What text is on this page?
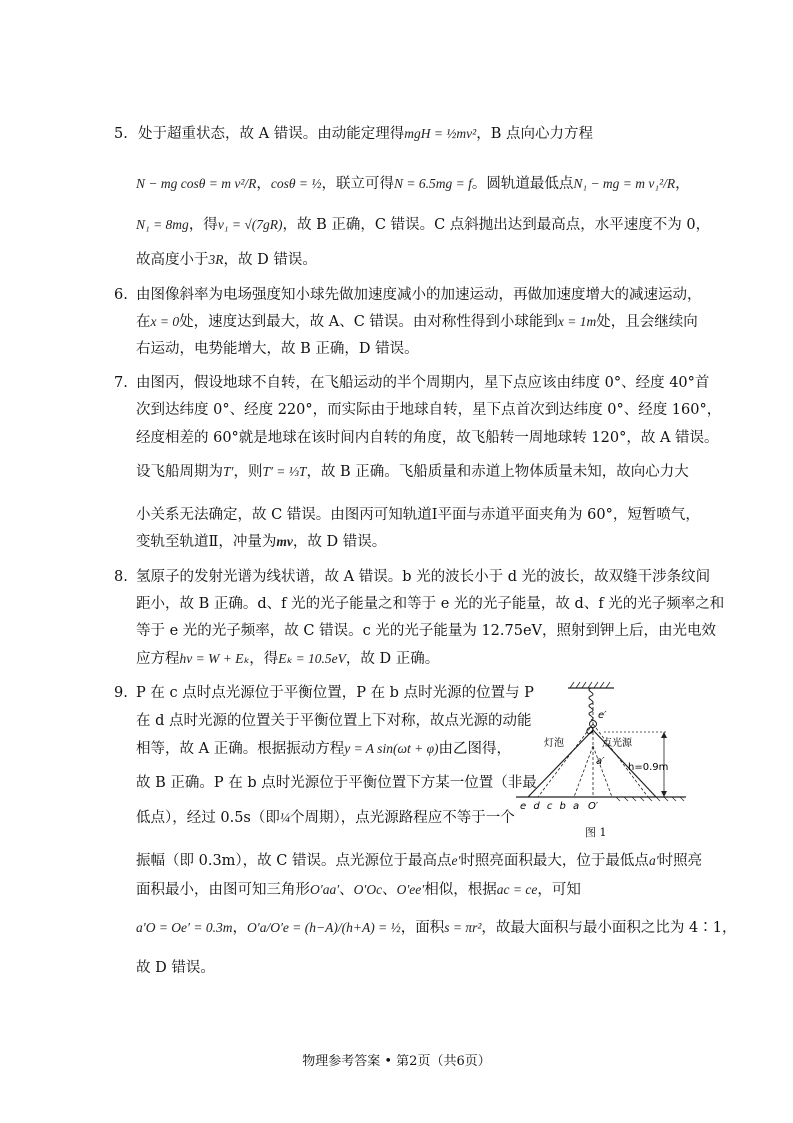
5. 处于超重状态，故 A 错误。由动能定理得mgH = ½mv²，B 点向心力方程
N − mg cosθ = m v²/R，cosθ = ½，联立可得N = 6.5mg = f。圆轨道最低点N₁ − mg = m v₁²/R，
N₁ = 8mg，得v₁ = √(7gR)，故 B 正确，C 错误。C 点斜抛出达到最高点，水平速度不为 0，
故高度小于3R，故 D 错误。
6. 由图像斜率为电场强度知小球先做加速度减小的加速运动，再做加速度增大的减速运动，
在x = 0处，速度达到最大，故 A、C 错误。由对称性得到小球能到x = 1m处，且会继续向
右运动，电势能增大，故 B 正确，D 错误。
7. 由图丙，假设地球不自转，在飞船运动的半个周期内，星下点应该由纬度 0°、经度 40°首
次到达纬度 0°、经度 220°，而实际由于地球自转，星下点首次到达纬度 0°、经度 160°，
经度相差的 60°就是地球在该时间内自转的角度，故飞船转一周地球转 120°，故 A 错误。
设飞船周期为T′，则T′ = ⅓T，故 B 正确。飞船质量和赤道上物体质量未知，故向心力大
小关系无法确定，故 C 错误。由图丙可知轨道Ⅰ平面与赤道平面夹角为 60°，短暂喷气，
变轨至轨道Ⅱ，冲量为mv，故 D 错误。
8. 氢原子的发射光谱为线状谱，故 A 错误。b 光的波长小于 d 光的波长，故双缝干涉条纹间
距小，故 B 正确。d、f 光的光子能量之和等于 e 光的光子能量，故 d、f 光的光子频率之和
等于 e 光的光子频率，故 C 错误。c 光的光子能量为 12.75eV，照射到钾上后，由光电效
应方程hν = W + Eₖ，得Eₖ = 10.5eV，故 D 正确。
9. P 在 c 点时点光源位于平衡位置，P 在 b 点时光源的位置与 P
在 d 点时光源的位置关于平衡位置上下对称，故点光源的动能
相等，故 A 正确。根据振动方程y = A sin(ωt + φ)由乙图得，
故 B 正确。P 在 b 点时光源位于平衡位置下方某一位置（非最
低点），经过 0.5s（即¼个周期），点光源路程应不等于一个
振幅（即 0.3m），故 C 错误。点光源位于最高点e′时照亮面积最大，位于最低点a′时照亮
面积最小，由图可知三角形O′aa′、O′Oc、O′ee′相似，根据ac = ce，可知
a′O = Oe′ = 0.3m，O′a/O′e = (h−A)/(h+A) = ½，面积s = πr²，故最大面积与最小面积之比为 4∶1，
故 D 错误。
e′
O
灯泡	点光源
a′
h=0.9m
e d c b a O′
图 1
物理参考答案 • 第2页（共6页）
